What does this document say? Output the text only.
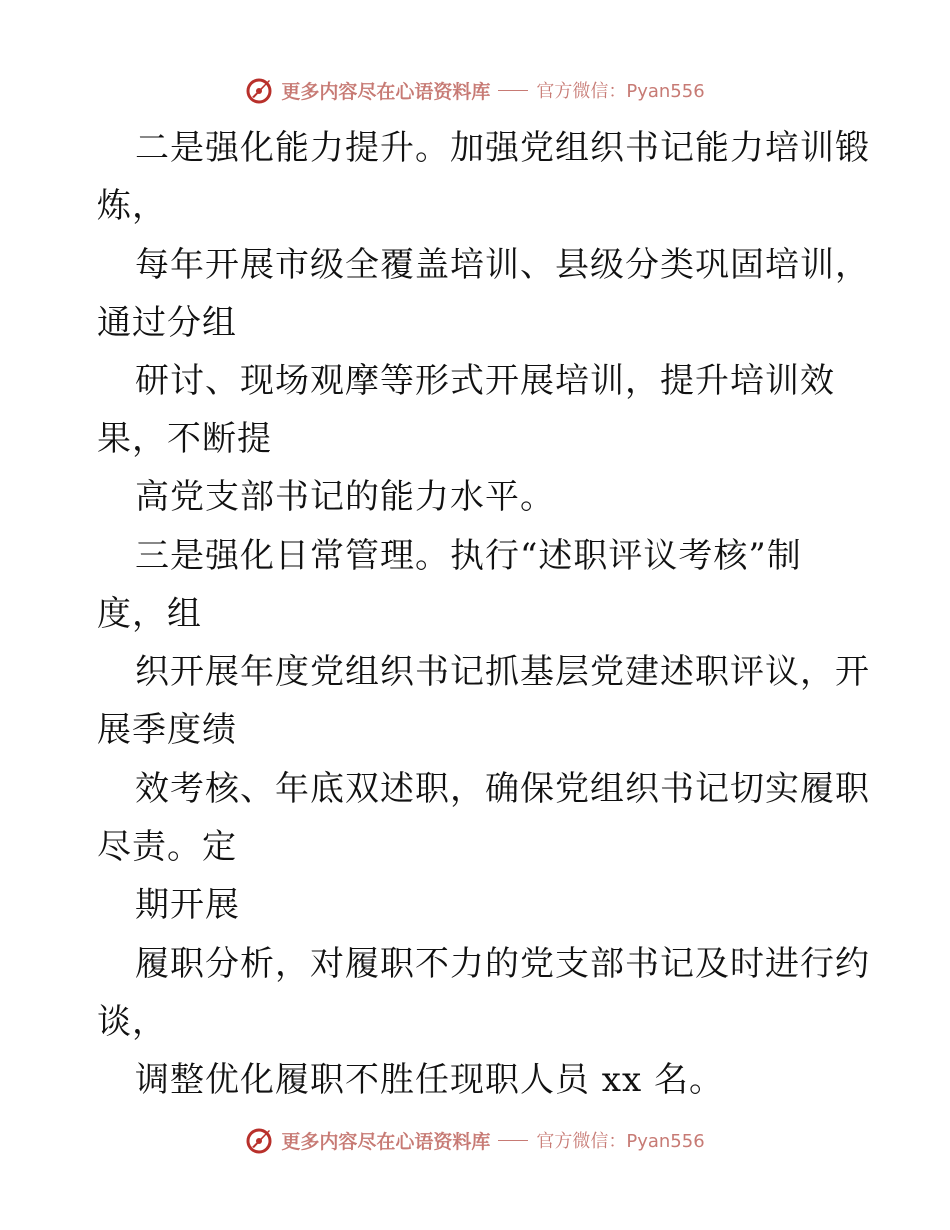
更多内容尽在心语资料库	官方微信：Pyan556
二是强化能力提升。加强党组织书记能力培训锻
炼，
每年开展市级全覆盖培训、县级分类巩固培训，
通过分组
研讨、现场观摩等形式开展培训，提升培训效
果，不断提
高党支部书记的能力水平。
三是强化日常管理。执行“述职评议考核”制
度，组
织开展年度党组织书记抓基层党建述职评议，开
展季度绩
效考核、年底双述职，确保党组织书记切实履职
尽责。定
期开展
履职分析，对履职不力的党支部书记及时进行约
谈，
调整优化履职不胜任现职人员 xx 名。
更多内容尽在心语资料库	官方微信：Pyan556
